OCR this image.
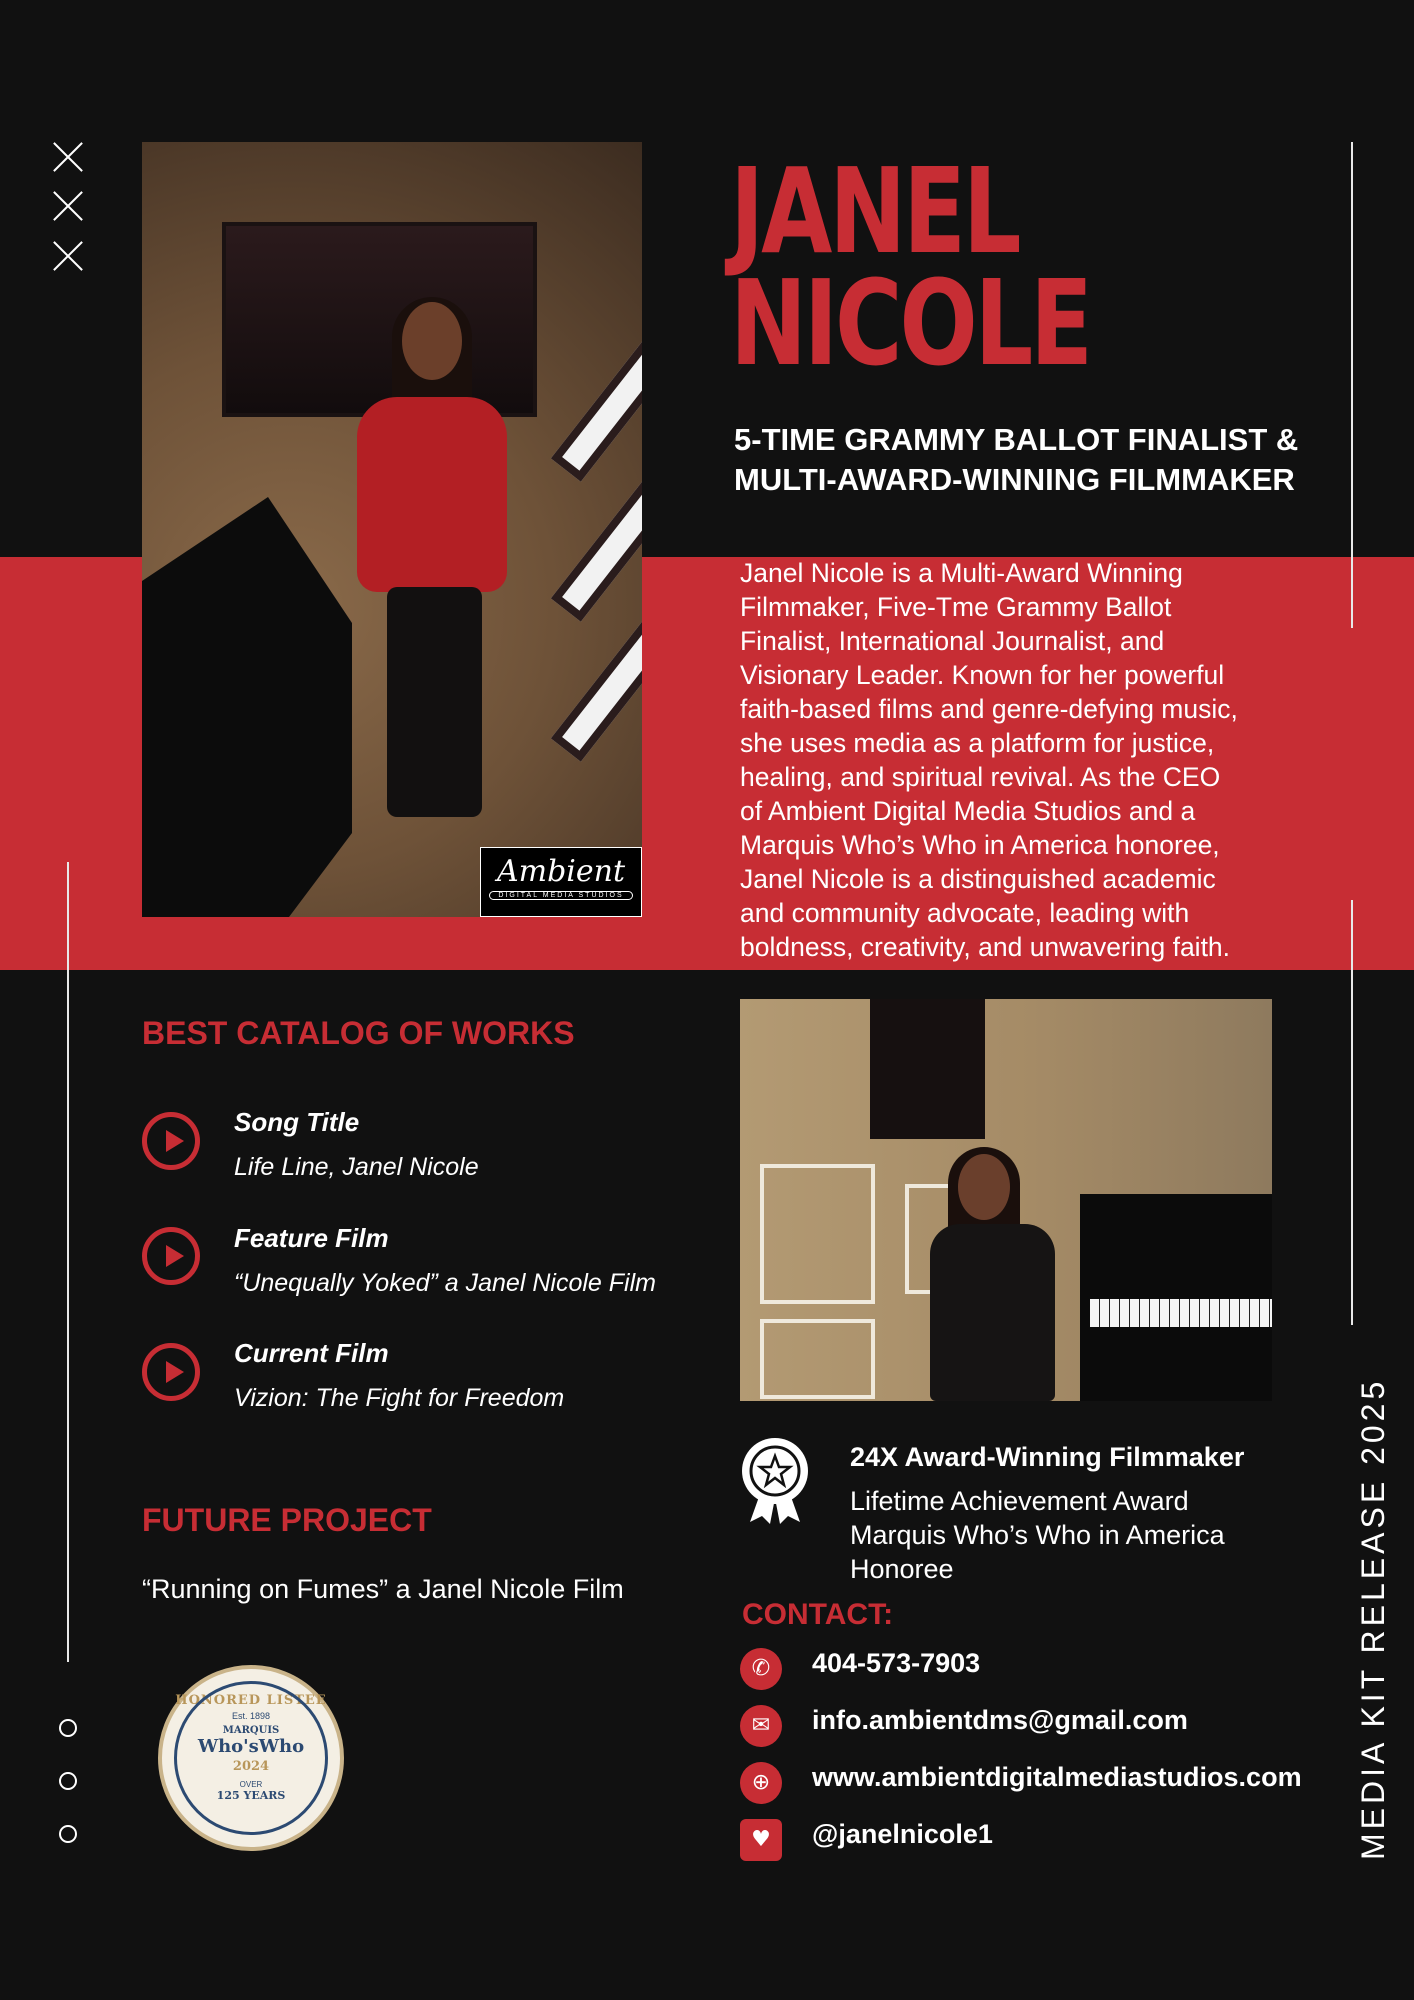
Ambient
DIGITAL MEDIA STUDIOS
JANEL
NICOLE
5-TIME GRAMMY BALLOT FINALIST &
MULTI-AWARD-WINNING FILMMAKER
Janel Nicole is a Multi-Award Winning
Filmmaker, Five-Tme Grammy Ballot
Finalist, International Journalist, and
Visionary Leader. Known for her powerful
faith-based films and genre-defying music,
she uses media as a platform for justice,
healing, and spiritual revival. As the CEO
of Ambient Digital Media Studios and a
Marquis Who’s Who in America honoree,
Janel Nicole is a distinguished academic
and community advocate, leading with
boldness, creativity, and unwavering faith.
BEST CATALOG OF WORKS
Song Title
Life Line, Janel Nicole
Feature Film
“Unequally Yoked” a Janel Nicole Film
Current Film
Vizion: The Fight for Freedom
FUTURE PROJECT
“Running on Fumes” a Janel Nicole Film
HONORED LISTEE
Est. 1898
MARQUIS
Who'sWho
2024
OVER
125 YEARS
24X Award-Winning Filmmaker
Lifetime Achievement Award
Marquis Who’s Who in America
Honoree
CONTACT:
✆	404-573-7903
✉	info.ambientdms@gmail.com
⊕	www.ambientdigitalmediastudios.com
♥	@janelnicole1	MEDIA KIT RELEASE 2025
